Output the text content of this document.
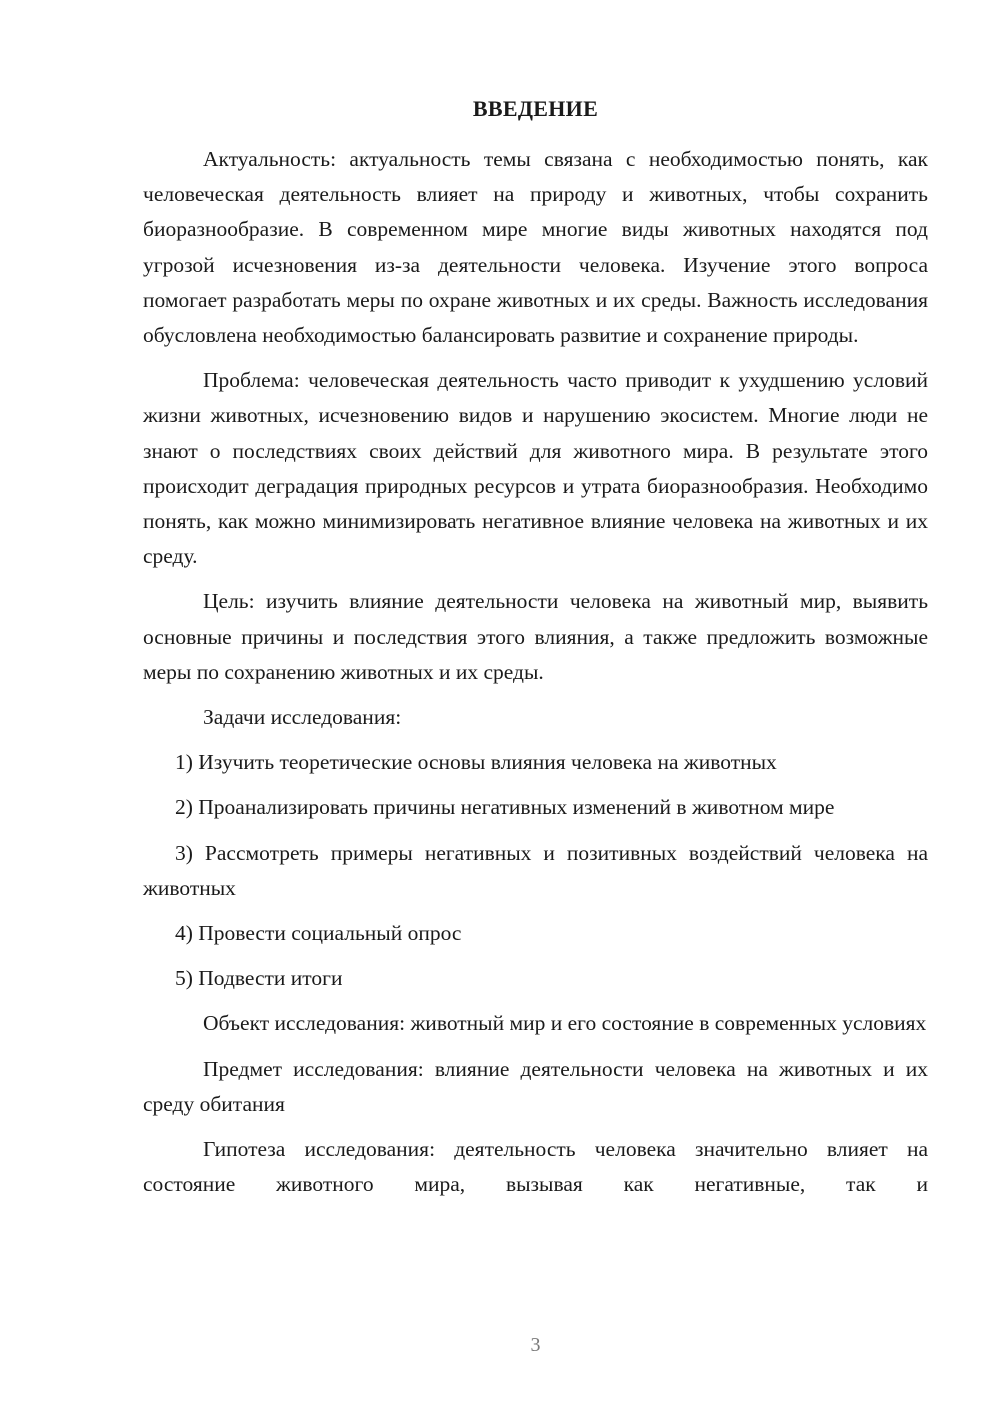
ВВЕДЕНИЕ

Актуальность: актуальность темы связана с необходимостью понять, как человеческая деятельность влияет на природу и животных, чтобы сохранить биоразнообразие. В современном мире многие виды животных находятся под угрозой исчезновения из-за деятельности человека. Изучение этого вопроса помогает разработать меры по охране животных и их среды. Важность исследования обусловлена необходимостью балансировать развитие и сохранение природы.

Проблема: человеческая деятельность часто приводит к ухудшению условий жизни животных, исчезновению видов и нарушению экосистем. Многие люди не знают о последствиях своих действий для животного мира. В результате этого происходит деградация природных ресурсов и утрата биоразнообразия. Необходимо понять, как можно минимизировать негативное влияние человека на животных и их среду.

Цель: изучить влияние деятельности человека на животный мир, выявить основные причины и последствия этого влияния, а также предложить возможные меры по сохранению животных и их среды.

Задачи исследования:

1) Изучить теоретические основы влияния человека на животных

2) Проанализировать причины негативных изменений в животном мире

3) Рассмотреть примеры негативных и позитивных воздействий человека на животных

4) Провести социальный опрос

5) Подвести итоги

Объект исследования: животный мир и его состояние в современных условиях

Предмет исследования: влияние деятельности человека на животных и их среду обитания

Гипотеза исследования: деятельность человека значительно влияет на состояние животного мира, вызывая как негативные, так и

3
